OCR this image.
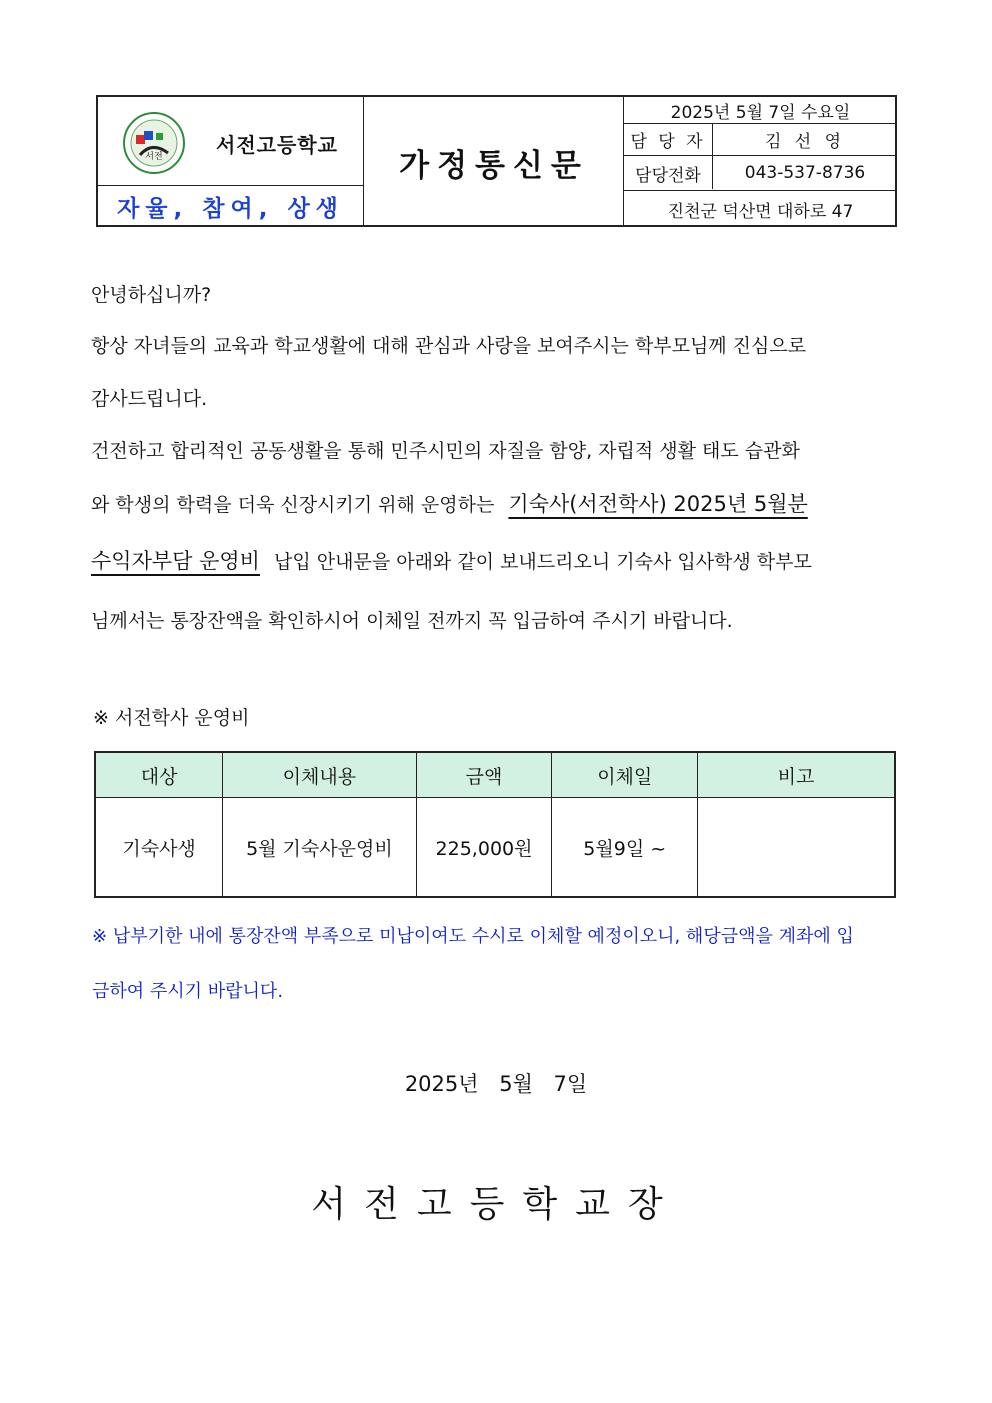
서전	서전고등학교
자율, 참여, 상생
가정통신문
2025년 5월 7일 수요일
담 당 자	김 선 영
담당전화	043-537-8736
진천군 덕산면 대하로 47
안녕하십니까?
항상 자녀들의 교육과 학교생활에 대해 관심과 사랑을 보여주시는 학부모님께 진심으로
감사드립니다.
건전하고 합리적인 공동생활을 통해 민주시민의 자질을 함양, 자립적 생활 태도 습관화
와 학생의 학력을 더욱 신장시키기 위해 운영하는 기숙사(서전학사) 2025년 5월분
수익자부담 운영비 납입 안내문을 아래와 같이 보내드리오니 기숙사 입사학생 학부모
님께서는 통장잔액을 확인하시어 이체일 전까지 꼭 입금하여 주시기 바랍니다.
※ 서전학사 운영비
대상	이체내용	금액	이체일	비고
기숙사생	5월 기숙사운영비	225,000원	5월9일 ~	
※ 납부기한 내에 통장잔액 부족으로 미납이여도 수시로 이체할 예정이오니, 해당금액을 계좌에 입
금하여 주시기 바랍니다.
2025년 5월 7일
서전고등학교장
